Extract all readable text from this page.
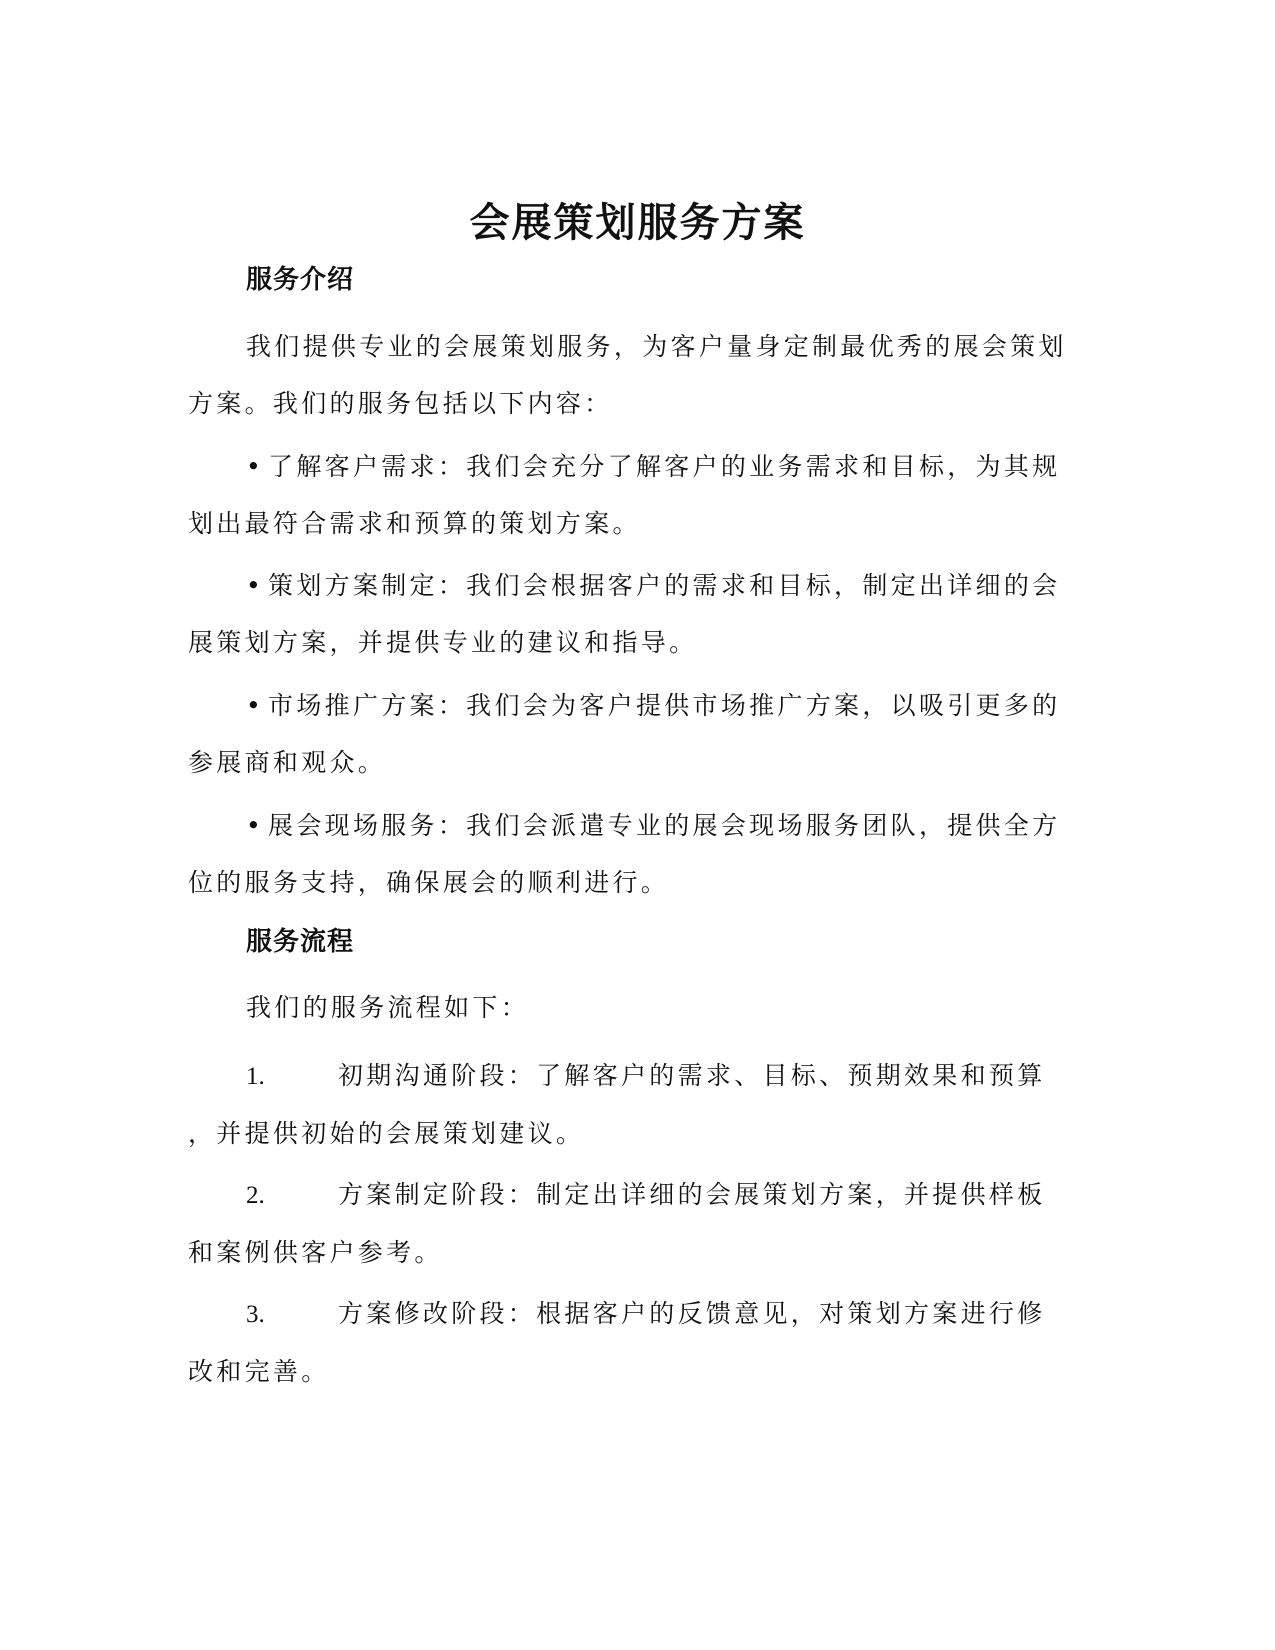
会展策划服务方案
服务介绍

我们提供专业的会展策划服务，为客户量身定制最优秀的展会策划方案。我们的服务包括以下内容：

• 了解客户需求：我们会充分了解客户的业务需求和目标，为其规划出最符合需求和预算的策划方案。

• 策划方案制定：我们会根据客户的需求和目标，制定出详细的会展策划方案，并提供专业的建议和指导。

• 市场推广方案：我们会为客户提供市场推广方案，以吸引更多的参展商和观众。

• 展会现场服务：我们会派遣专业的展会现场服务团队，提供全方位的服务支持，确保展会的顺利进行。

服务流程

我们的服务流程如下：

1.	初期沟通阶段：了解客户的需求、目标、预期效果和预算
，并提供初始的会展策划建议。
2.	方案制定阶段：制定出详细的会展策划方案，并提供样板
和案例供客户参考。
3.	方案修改阶段：根据客户的反馈意见，对策划方案进行修
改和完善。
